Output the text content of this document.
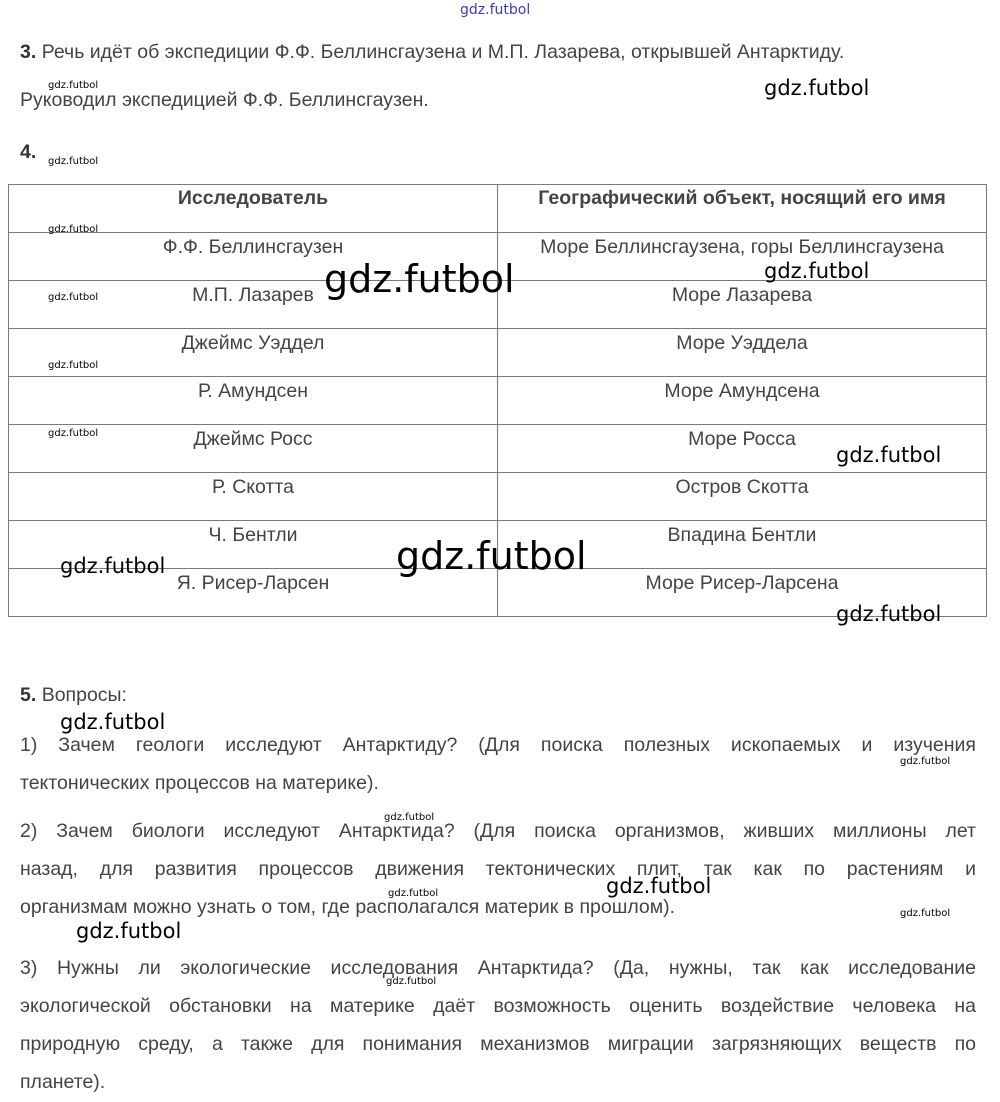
gdz.futbol
3. Речь идёт об экспедиции Ф.Ф. Беллинсгаузена и М.П. Лазарева, открывшей Антарктиду.
Руководил экспедицией Ф.Ф. Беллинсгаузен.
4.
Исследователь	Географический объект, носящий его имя
Ф.Ф. Беллинсгаузен	Море Беллинсгаузена, горы Беллинсгаузена
М.П. Лазарев	Море Лазарева
Джеймс Уэддел	Море Уэддела
Р. Амундсен	Море Амундсена
Джеймс Росс	Море Росса
Р. Скотта	Остров Скотта
Ч. Бентли	Впадина Бентли
Я. Рисер-Ларсен	Море Рисер-Ларсена
5. Вопросы:
1) Зачем геологи исследуют Антарктиду? (Для поиска полезных ископаемых и изучения
тектонических процессов на материке).
2) Зачем биологи исследуют Антарктида? (Для поиска организмов, живших миллионы лет
назад, для развития процессов движения тектонических плит, так как по растениям и
организмам можно узнать о том, где располагался материк в прошлом).
3) Нужны ли экологические исследования Антарктида? (Да, нужны, так как исследование
экологической обстановки на материке даёт возможность оценить воздействие человека на
природную среду, а также для понимания механизмов миграции загрязняющих веществ по
планете).
gdz.futbol
gdz.futbol
gdz.futbol
gdz.futbol
gdz.futbol
gdz.futbol
gdz.futbol
gdz.futbol
gdz.futbol
gdz.futbol
gdz.futbol
gdz.futbol
gdz.futbol
gdz.futbol
gdz.futbol
gdz.futbol
gdz.futbol
gdz.futbol
gdz.futbol
gdz.futbol
gdz.futbol
